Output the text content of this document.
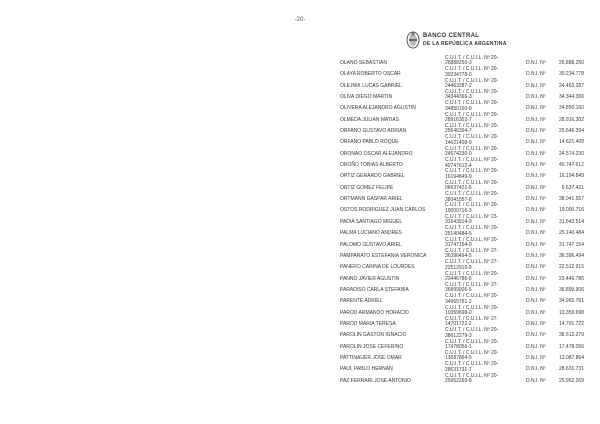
-20-
BANCO CENTRAL
DE LA REPÚBLICA ARGENTINA
OLANO SEBASTIAN
C.U.I.T. / C.U.I.L. Nº 20-
26888250-3	D.N.I. Nº	26.888.250
OLAYA ROBERTO OSCAR
C.U.I.T. / C.U.I.L. Nº 20-
30234778-0	D.N.I. Nº	30.234.778
OLEJNIK LUCAS GABRIEL
C.U.I.T. / C.U.I.L. Nº 20-
24463287-2	D.N.I. Nº	24.463.287
OLIVA DIEGO MARTIN
C.U.I.T. / C.U.I.L. Nº 20-
34344366-3	D.N.I. Nº	34.344.366
OLIVERA ALEJANDRO AGUSTIN
C.U.I.T. / C.U.I.L. Nº 20-
34850160-8	D.N.I. Nº	34.850.160
OLMEDA JULIAN MATIAS
C.U.I.T. / C.U.I.L. Nº 20-
28916302-7	D.N.I. Nº	28.916.302
ORFANO GUSTAVO ADRIAN
C.U.I.T. / C.U.I.L. Nº 20-
25646394-7	D.N.I. Nº	25.646.394
ORFANO PABLO ROQUE
C.U.I.T. / C.U.I.L. Nº 20-
14621408-9	D.N.I. Nº	14.621.408
ORONAO OSCAR ALEJANDRO
C.U.I.T. / C.U.I.L. Nº 20-
24574230-0	D.N.I. Nº	24.574.230
OROÑO TOBIAS ALBERTO
C.U.I.T. / C.U.I.L. Nº 20-
40747612-4	D.N.I. Nº	40.747.612
ORTIZ GERARDO GABRIEL
C.U.I.T. / C.U.I.L. Nº 20-
16194849-9	D.N.I. Nº	16.194.849
ORTIZ GOMEZ FELIPE
C.U.I.T. / C.U.I.L. Nº 20-
06637421-6	D.N.I. Nº	6.637.421
ORTMANN GASPAR ARIEL
C.U.I.T. / C.U.I.L. Nº 20-
38041557-8	D.N.I. Nº	38.041.557
OSTOS RODRIGUEZ JUAN CARLOS
C.U.I.T. / C.U.I.L. Nº 20-
19000716-3	D.N.I. Nº	19.000.716
PADIA SANTIAGO MIGUEL
C.U.I.T. / C.U.I.L. Nº 23-
31643514-9	D.N.I. Nº	31.643.514
PALMA LUCIANO ANDRES
C.U.I.T. / C.U.I.L. Nº 20-
25140484-5	D.N.I. Nº	25.140.484
PALOMO GUSTAVO ARIEL
C.U.I.T. / C.U.I.L. Nº 20-
31747154-9	D.N.I. Nº	31.747.154
PAMPARATO ESTEFANIA VERONICA
C.U.I.T. / C.U.I.L. Nº 27-
36396494-5	D.N.I. Nº	36.396.494
PANERO CARINA DE LOURDES
C.U.I.T. / C.U.I.L. Nº 27-
22512915-9	D.N.I. Nº	22.512.915
PANNO JAVIER AGUSTIN
C.U.I.T. / C.U.I.L. Nº 20-
23446786-5	D.N.I. Nº	23.446.786
PARADISO CARLA STEFANIA
C.U.I.T. / C.U.I.L. Nº 27-
36899906-5	D.N.I. Nº	36.899.906
PARENTE ADRIEL
C.U.I.T. / C.U.I.L. Nº 20-
34965761-2	D.N.I. Nº	34.965.761
PAROD ARMANDO HORACIO
C.U.I.T. / C.U.I.L. Nº 20-
10359698-0	D.N.I. Nº	10.359.698
PAROD MARIA TERESA
C.U.I.T. / C.U.I.L. Nº 27-
14701722-2	D.N.I. Nº	14.701.722
PAROLIN GASTON IGNACIO
C.U.I.T. / C.U.I.L. Nº 20-
38612279-3	D.N.I. Nº	38.612.279
PAROLIN JOSE CEFERINO
C.U.I.T. / C.U.I.L. Nº 20-
17478056-1	D.N.I. Nº	17.478.056
PATTINAUER JOSE OMAR
C.U.I.T. / C.U.I.L. Nº 20-
13087864-5	D.N.I. Nº	13.087.864
PAUL PABLO HERNAN
C.U.I.T. / C.U.I.L. Nº 20-
28631731-7	D.N.I. Nº	28.631.731
PAZ FERRARI JOSE ANTONIO
C.U.I.T. / C.U.I.L. Nº 20-
25952269-8	D.N.I. Nº	25.952.269
